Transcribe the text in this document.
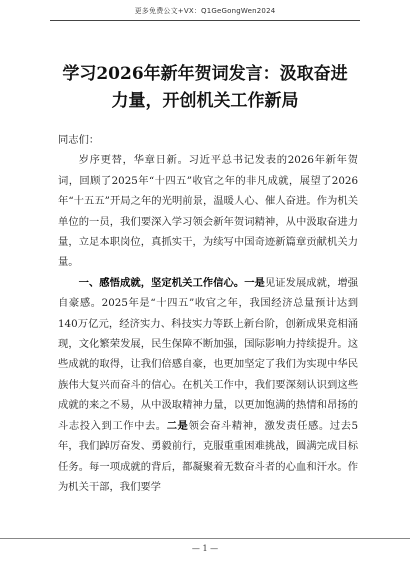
更多免费公文+VX：Q1GeGongWen2024
学习2026年新年贺词发言：汲取奋进力量，开创机关工作新局

同志们：

岁序更替，华章日新。习近平总书记发表的2026年新年贺词，回顾了2025年“十四五”收官之年的非凡成就，展望了2026年“十五五”开局之年的光明前景，温暖人心、催人奋进。作为机关单位的一员，我们要深入学习领会新年贺词精神，从中汲取奋进力量，立足本职岗位，真抓实干，为续写中国奇迹新篇章贡献机关力量。

一、感悟成就，坚定机关工作信心。一是见证发展成就，增强自豪感。2025年是“十四五”收官之年，我国经济总量预计达到140万亿元，经济实力、科技实力等跃上新台阶，创新成果竞相涌现，文化繁荣发展，民生保障不断加强，国际影响力持续提升。这些成就的取得，让我们倍感自豪，也更加坚定了我们为实现中华民族伟大复兴而奋斗的信心。在机关工作中，我们要深刻认识到这些成就的来之不易，从中汲取精神力量，以更加饱满的热情和昂扬的斗志投入到工作中去。二是领会奋斗精神，激发责任感。过去5年，我们踔厉奋发、勇毅前行，克服重重困难挑战，圆满完成目标任务。每一项成就的背后，都凝聚着无数奋斗者的心血和汗水。作为机关干部，我们要学

— 1 —
